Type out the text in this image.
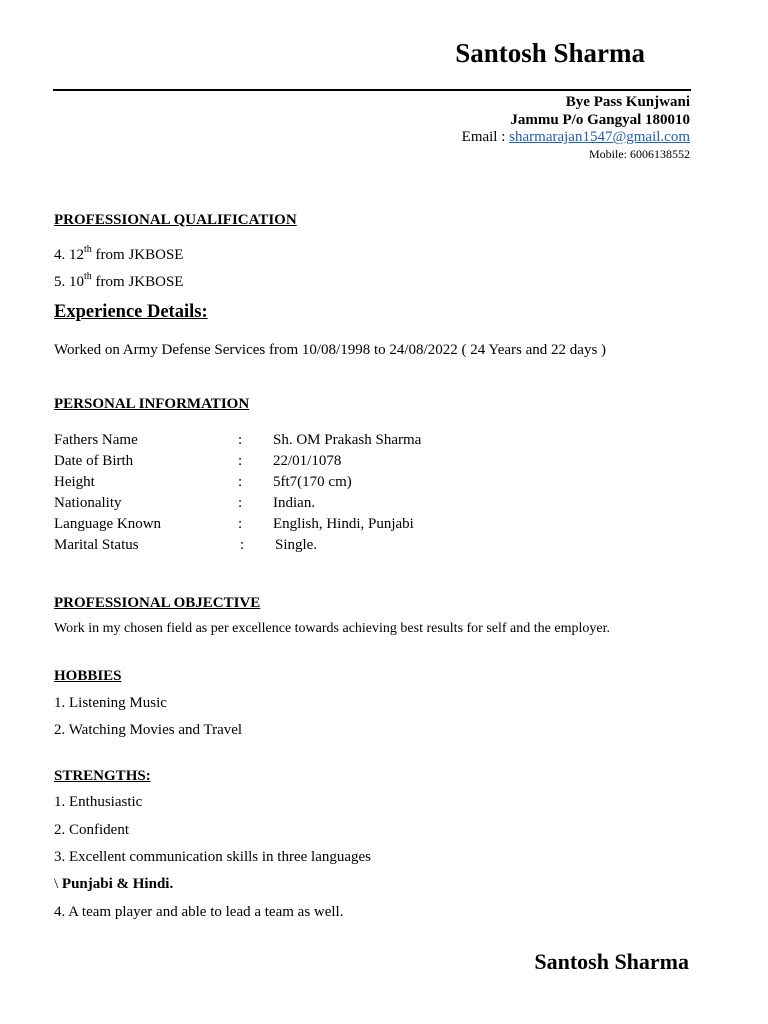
Santosh Sharma
Bye Pass Kunjwani
Jammu P/o Gangyal 180010
Email : sharmarajan1547@gmail.com
Mobile: 6006138552
PROFESSIONAL QUALIFICATION
4. 12th from JKBOSE
5. 10th from JKBOSE
Experience Details:
Worked on Army Defense Services from 10/08/1998 to 24/08/2022 ( 24 Years and 22 days )
PERSONAL INFORMATION
Fathers Name	: Sh. OM Prakash Sharma
Date of Birth	: 22/01/1078
Height	: 5ft7(170 cm)
Nationality	: Indian.
Language Known	: English, Hindi, Punjabi
Marital Status	: Single.
PROFESSIONAL OBJECTIVE
Work in my chosen field as per excellence towards achieving best results for self and the employer.
HOBBIES
1. Listening Music
2. Watching Movies and Travel
STRENGTHS:
1. Enthusiastic
2. Confident
3. Excellent communication skills in three languages
\ Punjabi & Hindi.
4. A team player and able to lead a team as well.
Santosh Sharma
